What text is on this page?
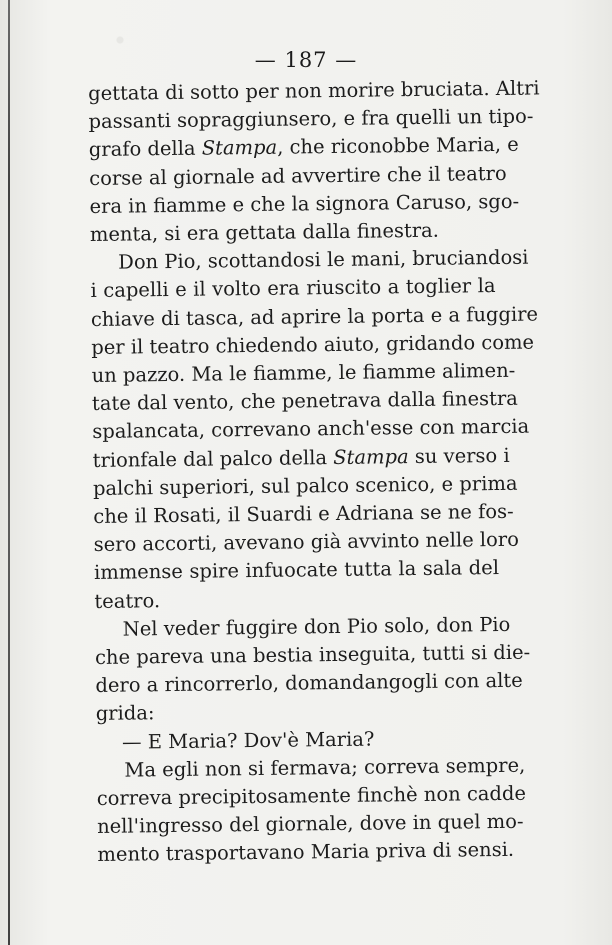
— 187 —
gettata di sotto per non morire bruciata. Altri
passanti sopraggiunsero, e fra quelli un tipo-
grafo della Stampa, che riconobbe Maria, e
corse al giornale ad avvertire che il teatro
era in fiamme e che la signora Caruso, sgo-
menta, si era gettata dalla finestra.
Don Pio, scottandosi le mani, bruciandosi
i capelli e il volto era riuscito a toglier la
chiave di tasca, ad aprire la porta e a fuggire
per il teatro chiedendo aiuto, gridando come
un pazzo. Ma le fiamme, le fiamme alimen-
tate dal vento, che penetrava dalla finestra
spalancata, correvano anch'esse con marcia
trionfale dal palco della Stampa su verso i
palchi superiori, sul palco scenico, e prima
che il Rosati, il Suardi e Adriana se ne fos-
sero accorti, avevano già avvinto nelle loro
immense spire infuocate tutta la sala del
teatro.
Nel veder fuggire don Pio solo, don Pio
che pareva una bestia inseguita, tutti si die-
dero a rincorrerlo, domandangogli con alte
grida:
— E Maria? Dov'è Maria?
Ma egli non si fermava; correva sempre,
correva precipitosamente finchè non cadde
nell'ingresso del giornale, dove in quel mo-
mento trasportavano Maria priva di sensi.
